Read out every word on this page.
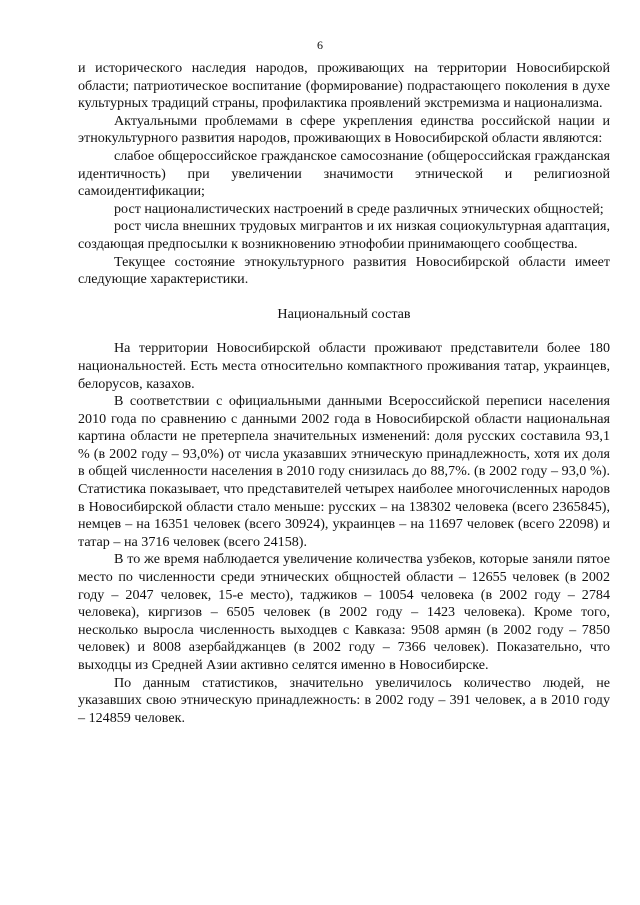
6

и исторического наследия народов, проживающих на территории Новосибирской области; патриотическое воспитание (формирование) подрастающего поколения в духе культурных традиций страны, профилактика проявлений экстремизма и национализма.

Актуальными проблемами в сфере укрепления единства российской нации и этнокультурного развития народов, проживающих в Новосибирской области являются:

слабое общероссийское гражданское самосознание (общероссийская гражданская идентичность) при увеличении значимости этнической и религиозной самоидентификации;

рост националистических настроений в среде различных этнических общностей;

рост числа внешних трудовых мигрантов и их низкая социокультурная адаптация, создающая предпосылки к возникновению этнофобии принимающего сообщества.

Текущее состояние этнокультурного развития Новосибирской области имеет следующие характеристики.

Национальный состав

На территории Новосибирской области проживают представители более 180 национальностей. Есть места относительно компактного проживания татар, украинцев, белорусов, казахов.

В соответствии с официальными данными Всероссийской переписи населения 2010 года по сравнению с данными 2002 года в Новосибирской области национальная картина области не претерпела значительных изменений: доля русских составила 93,1 % (в 2002 году – 93,0%) от числа указавших этническую принадлежность, хотя их доля в общей численности населения в 2010 году снизилась до 88,7%. (в 2002 году – 93,0 %). Статистика показывает, что представителей четырех наиболее многочисленных народов в Новосибирской области стало меньше: русских – на 138302 человека (всего 2365845), немцев – на 16351 человек (всего 30924), украинцев – на 11697 человек (всего 22098) и татар – на 3716 человек (всего 24158).

В то же время наблюдается увеличение количества узбеков, которые заняли пятое место по численности среди этнических общностей области – 12655 человек (в 2002 году – 2047 человек, 15-е место), таджиков – 10054 человека (в 2002 году – 2784 человека), киргизов – 6505 человек (в 2002 году – 1423 человека). Кроме того, несколько выросла численность выходцев с Кавказа: 9508 армян (в 2002 году – 7850 человек) и 8008 азербайджанцев (в 2002 году – 7366 человек). Показательно, что выходцы из Средней Азии активно селятся именно в Новосибирске.

По данным статистиков, значительно увеличилось количество людей, не указавших свою этническую принадлежность: в 2002 году – 391 человек, а в 2010 году – 124859 человек.
